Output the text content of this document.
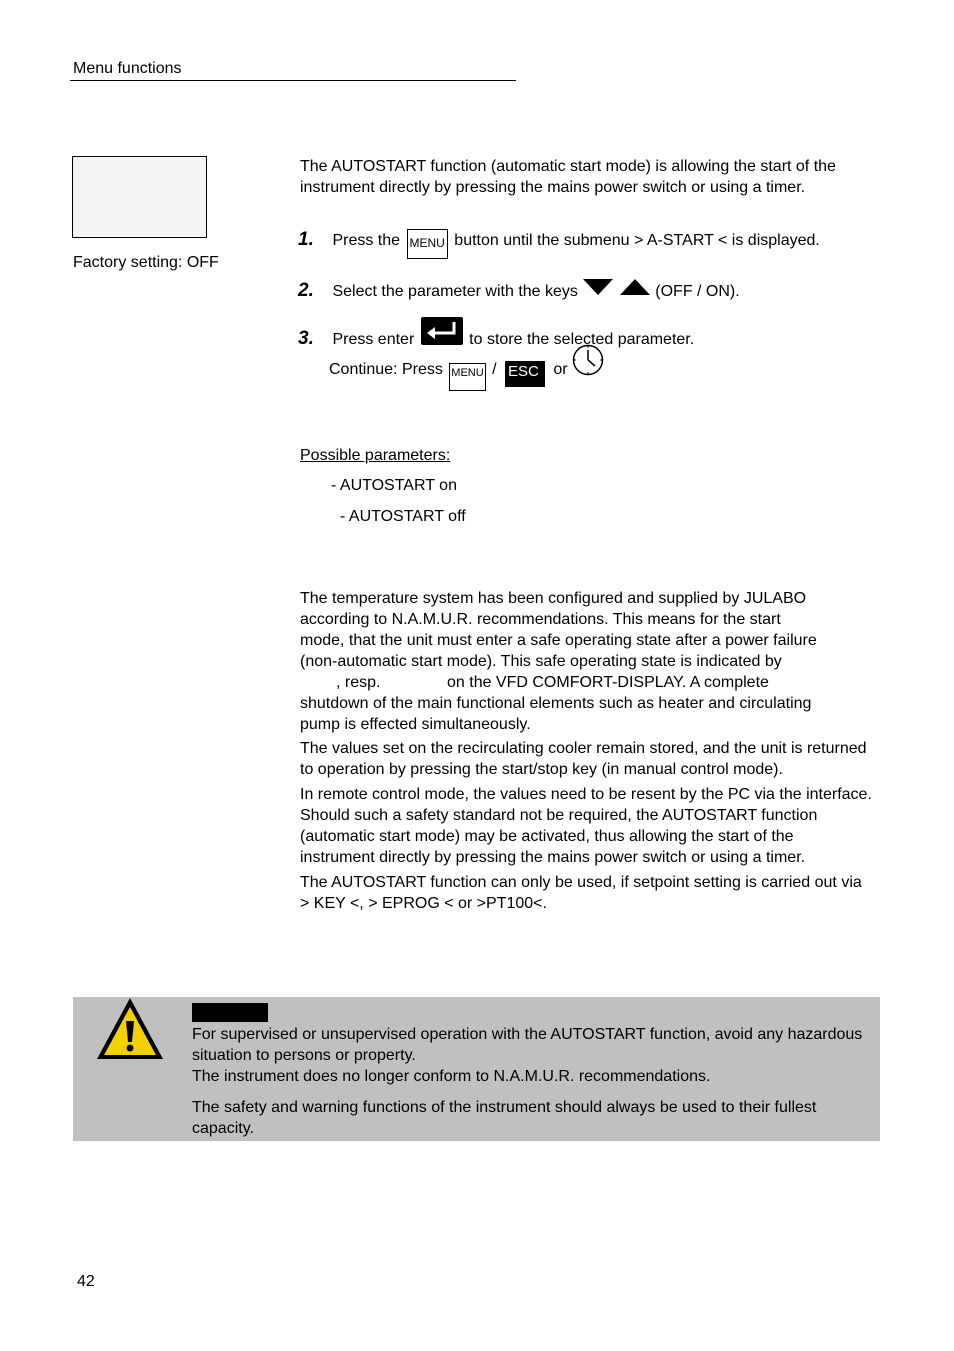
Menu functions
Factory setting: OFF
The AUTOSTART function (automatic start mode) is allowing the start of the instrument directly by pressing the mains power switch or using a timer.
1. Press the MENU button until the submenu > A-START < is displayed.
2. Select the parameter with the keys	(OFF / ON).
3. Press enter	to store the selected parameter.
Continue: Press MENU / ESC or
Possible parameters:
- AUTOSTART on
- AUTOSTART off
The temperature system has been configured and supplied by JULABO
according to N.A.M.U.R. recommendations. This means for the start
mode, that the unit must enter a safe operating state after a power failure
(non-automatic start mode). This safe operating state is indicated by
, resp.	on the VFD COMFORT-DISPLAY. A complete
shutdown of the main functional elements such as heater and circulating
pump is effected simultaneously.

The values set on the recirculating cooler remain stored, and the unit is returned to operation by pressing the start/stop key (in manual control mode).

In remote control mode, the values need to be resent by the PC via the interface.

Should such a safety standard not be required, the AUTOSTART function (automatic start mode) may be activated, thus allowing the start of the instrument directly by pressing the mains power switch or using a timer.

The AUTOSTART function can only be used, if setpoint setting is carried out via > KEY <, > EPROG < or >PT100<.

For supervised or unsupervised operation with the AUTOSTART function, avoid any hazardous situation to persons or property.

The instrument does no longer conform to N.A.M.U.R. recommendations.

The safety and warning functions of the instrument should always be used to their fullest capacity.

42
